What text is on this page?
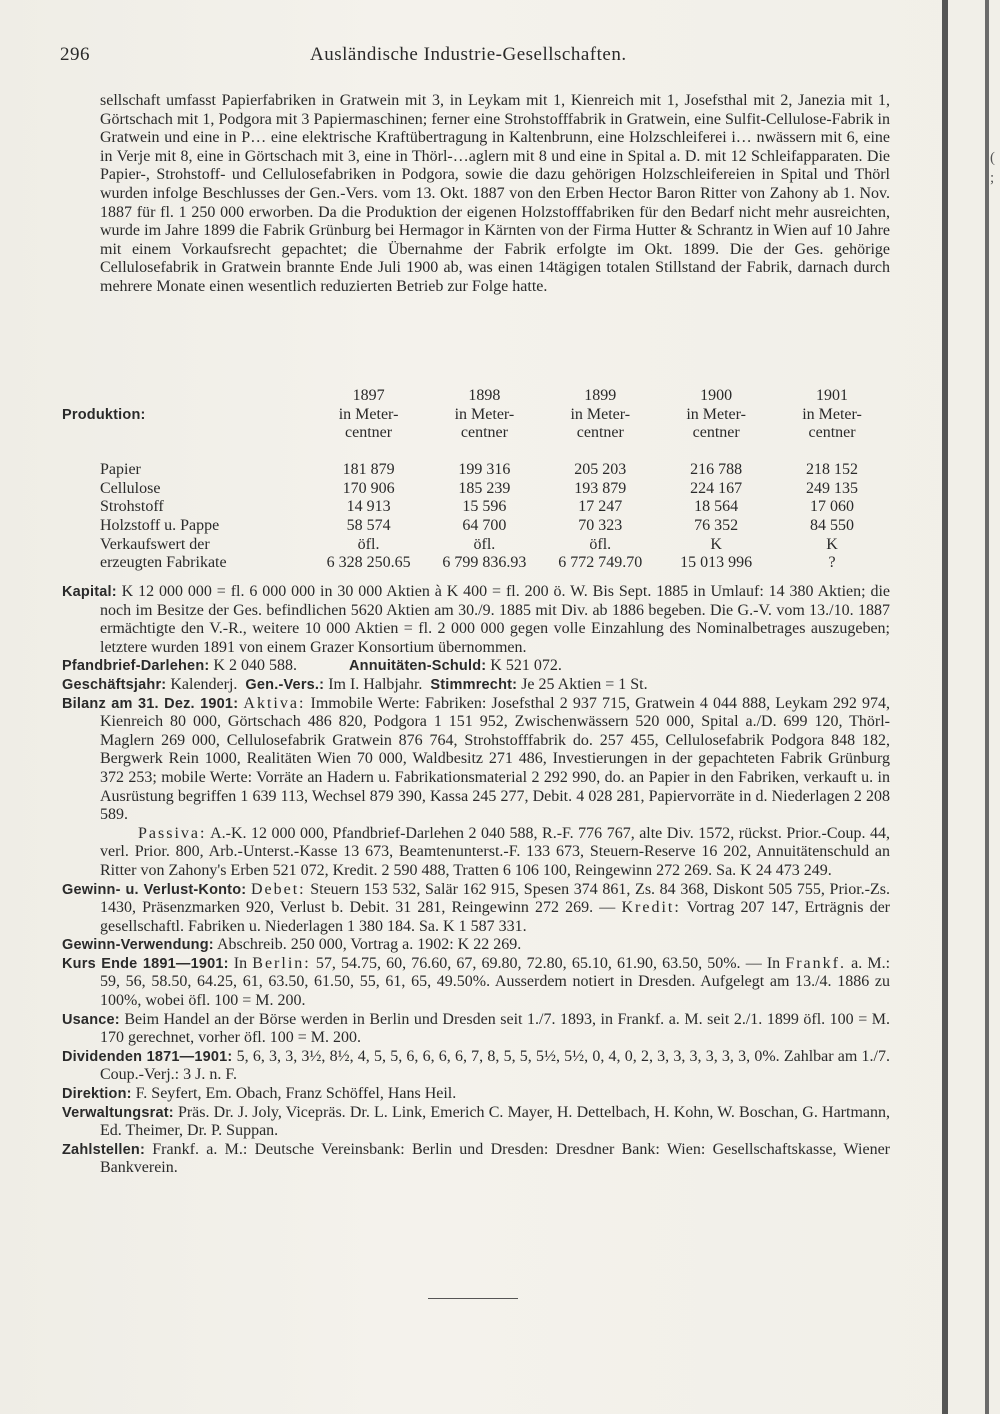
(
;
296	Ausländische Industrie-Gesellschaften.

sellschaft umfasst Papierfabriken in Gratwein mit 3, in Leykam mit 1, Kienreich mit 1, Josefsthal mit 2, Janezia mit 1, Görtschach mit 1, Podgora mit 3 Papiermaschinen; ferner eine Strohstofffabrik in Gratwein, eine Sulfit-Cellulose-Fabrik in Gratwein und eine in P… eine elektrische Kraftübertragung in Kaltenbrunn, eine Holzschleiferei i… nwässern mit 6, eine in Verje mit 8, eine in Görtschach mit 3, eine in Thörl-…aglern mit 8 und eine in Spital a. D. mit 12 Schleifapparaten. Die Papier-, Strohstoff- und Cellulosefabriken in Podgora, sowie die dazu gehörigen Holzschleifereien in Spital und Thörl wurden infolge Beschlusses der Gen.-Vers. vom 13. Okt. 1887 von den Erben Hector Baron Ritter von Zahony ab 1. Nov. 1887 für fl. 1 250 000 erworben. Da die Produktion der eigenen Holzstofffabriken für den Bedarf nicht mehr ausreichten, wurde im Jahre 1899 die Fabrik Grünburg bei Hermagor in Kärnten von der Firma Hutter & Schrantz in Wien auf 10 Jahre mit einem Vorkaufsrecht gepachtet; die Übernahme der Fabrik erfolgte im Okt. 1899. Die der Ges. gehörige Cellulosefabrik in Gratwein brannte Ende Juli 1900 ab, was einen 14tägigen totalen Stillstand der Fabrik, darnach durch mehrere Monate einen wesentlich reduzierten Betrieb zur Folge hatte.

	1897	1898	1899	1900	1901
Produktion:	in Meter-	in Meter-	in Meter-	in Meter-	in Meter-
	centner	centner	centner	centner	centner
Papier	181 879	199 316	205 203	216 788	218 152
Cellulose	170 906	185 239	193 879	224 167	249 135
Strohstoff	14 913	15 596	17 247	18 564	17 060
Holzstoff u. Pappe	58 574	64 700	70 323	76 352	84 550
Verkaufswert der	öfl.	öfl.	öfl.	K	K
erzeugten Fabrikate	6 328 250.65	6 799 836.93	6 772 749.70	15 013 996	?

Kapital: K 12 000 000 = fl. 6 000 000 in 30 000 Aktien à K 400 = fl. 200 ö. W. Bis Sept. 1885 in Umlauf: 14 380 Aktien; die noch im Besitze der Ges. befindlichen 5620 Aktien am 30./9. 1885 mit Div. ab 1886 begeben. Die G.-V. vom 13./10. 1887 ermächtigte den V.-R., weitere 10 000 Aktien = fl. 2 000 000 gegen volle Einzahlung des Nominalbetrages auszugeben; letztere wurden 1891 von einem Grazer Konsortium übernommen.

Pfandbrief-Darlehen: K 2 040 588.	Annuitäten-Schuld: K 521 072.

Geschäftsjahr: Kalenderj. Gen.-Vers.: Im I. Halbjahr. Stimmrecht: Je 25 Aktien = 1 St.

Bilanz am 31. Dez. 1901: Aktiva: Immobile Werte: Fabriken: Josefsthal 2 937 715, Gratwein 4 044 888, Leykam 292 974, Kienreich 80 000, Görtschach 486 820, Podgora 1 151 952, Zwischenwässern 520 000, Spital a./D. 699 120, Thörl-Maglern 269 000, Cellulosefabrik Gratwein 876 764, Strohstofffabrik do. 257 455, Cellulosefabrik Podgora 848 182, Bergwerk Rein 1000, Realitäten Wien 70 000, Waldbesitz 271 486, Investierungen in der gepachteten Fabrik Grünburg 372 253; mobile Werte: Vorräte an Hadern u. Fabrikationsmaterial 2 292 990, do. an Papier in den Fabriken, verkauft u. in Ausrüstung begriffen 1 639 113, Wechsel 879 390, Kassa 245 277, Debit. 4 028 281, Papiervorräte in d. Niederlagen 2 208 589.

Passiva: A.-K. 12 000 000, Pfandbrief-Darlehen 2 040 588, R.-F. 776 767, alte Div. 1572, rückst. Prior.-Coup. 44, verl. Prior. 800, Arb.-Unterst.-Kasse 13 673, Beamtenunterst.-F. 133 673, Steuern-Reserve 16 202, Annuitätenschuld an Ritter von Zahony's Erben 521 072, Kredit. 2 590 488, Tratten 6 106 100, Reingewinn 272 269. Sa. K 24 473 249.

Gewinn- u. Verlust-Konto: Debet: Steuern 153 532, Salär 162 915, Spesen 374 861, Zs. 84 368, Diskont 505 755, Prior.-Zs. 1430, Präsenzmarken 920, Verlust b. Debit. 31 281, Reingewinn 272 269. — Kredit: Vortrag 207 147, Erträgnis der gesellschaftl. Fabriken u. Niederlagen 1 380 184. Sa. K 1 587 331.

Gewinn-Verwendung: Abschreib. 250 000, Vortrag a. 1902: K 22 269.

Kurs Ende 1891—1901: In Berlin: 57, 54.75, 60, 76.60, 67, 69.80, 72.80, 65.10, 61.90, 63.50, 50%. — In Frankf. a. M.: 59, 56, 58.50, 64.25, 61, 63.50, 61.50, 55, 61, 65, 49.50%. Ausserdem notiert in Dresden. Aufgelegt am 13./4. 1886 zu 100%, wobei öfl. 100 = M. 200.

Usance: Beim Handel an der Börse werden in Berlin und Dresden seit 1./7. 1893, in Frankf. a. M. seit 2./1. 1899 öfl. 100 = M. 170 gerechnet, vorher öfl. 100 = M. 200.

Dividenden 1871—1901: 5, 6, 3, 3, 3½, 8½, 4, 5, 5, 6, 6, 6, 6, 7, 8, 5, 5, 5½, 5½, 0, 4, 0, 2, 3, 3, 3, 3, 3, 3, 0%. Zahlbar am 1./7. Coup.-Verj.: 3 J. n. F.

Direktion: F. Seyfert, Em. Obach, Franz Schöffel, Hans Heil.

Verwaltungsrat: Präs. Dr. J. Joly, Vicepräs. Dr. L. Link, Emerich C. Mayer, H. Dettelbach, H. Kohn, W. Boschan, G. Hartmann, Ed. Theimer, Dr. P. Suppan.

Zahlstellen: Frankf. a. M.: Deutsche Vereinsbank: Berlin und Dresden: Dresdner Bank: Wien: Gesellschaftskasse, Wiener Bankverein.
